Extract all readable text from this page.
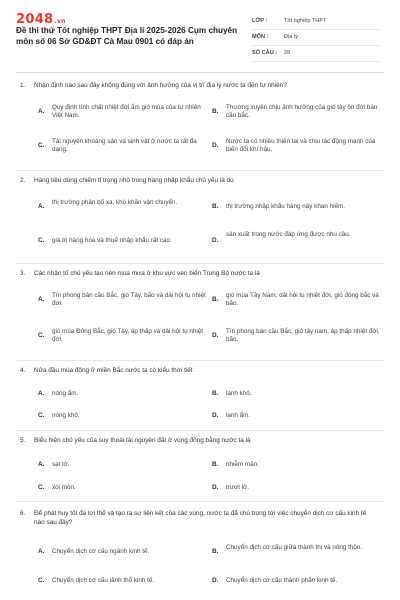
2048.vn
Đề thi thử Tốt nghiệp THPT Địa lí 2025-2026 Cụm chuyên môn số 06 Sở GD&ĐT Cà Mau 0901 có đáp án
LỚP :	Tốt nghiệp THPT
MÔN :	Địa lý
SỐ CÂU : 28
1. Nhận định nào sau đây không đúng với ảnh hưởng của vị trí địa lý nước ta đến tự nhiên?
A.
Quy định tính chất nhiệt đới ẩm gió mùa của tự nhiên Việt Nam.
B.
Thường xuyên chịu ảnh hưởng của gió tây ôn đới bán cầu bắc.
C.
Tài nguyên khoáng sản và sinh vật ở nước ta rất đa dạng.
D.
Nước ta có nhiều thiên tai và chịu tác động mạnh của biến đổi khí hậu.
2. Hàng tiêu dùng chiếm tỉ trọng nhỏ trong hàng nhập khẩu chủ yếu là do
A.
thị trường phân bố xa, khó khăn vận chuyển.
B. thị trường nhập khẩu hàng này khan hiếm.
C. giá trị hàng hóa và thuế nhập khẩu rất cao.	D.
sản xuất trong nước đáp ứng được nhu cầu.
3. Các nhân tố chủ yếu tạo nên mùa mưa ở khu vực ven biển Trung Bộ nước ta là
A.
Tín phong bán cầu Bắc, gió Tây, bão và dải hội tụ nhiệt đới.
B.
gió mùa Tây Nam, dải hội tụ nhiệt đới, gió đông bắc và bão.
C.
gió mùa Đông Bắc, gió Tây, áp thấp và dải hội tụ nhiệt đới.
D.
Tín phong bán cầu Bắc, gió tây nam, áp thấp nhiệt đới, bão.
4. Nửa đầu mùa đông ở miền Bắc nước ta có kiểu thời tiết
A. nóng ẩm.	B. lạnh khô.
C. nóng khô.	D. lạnh ẩm.
5. Biểu hiện chủ yếu của suy thoái tài nguyên đất ở vùng đồng bằng nước ta là
A. sạt lở.	B. nhiễm mặn.
C. xói mòn.	D. trượt lở.
6. Để phát huy tốt đa lợi thế và tạo ra sự liên kết của các vùng, nước ta đã chú trọng tới việc chuyển dịch cơ cấu kinh tế nào sau đây?
A. Chuyển dịch cơ cấu ngành kinh tế.	B.
Chuyển dịch cơ cấu giữa thành thị và nông thôn.
C. Chuyển dịch cơ cấu lãnh thổ kinh tế.	D. Chuyển dịch cơ cấu thành phần kinh tế.
